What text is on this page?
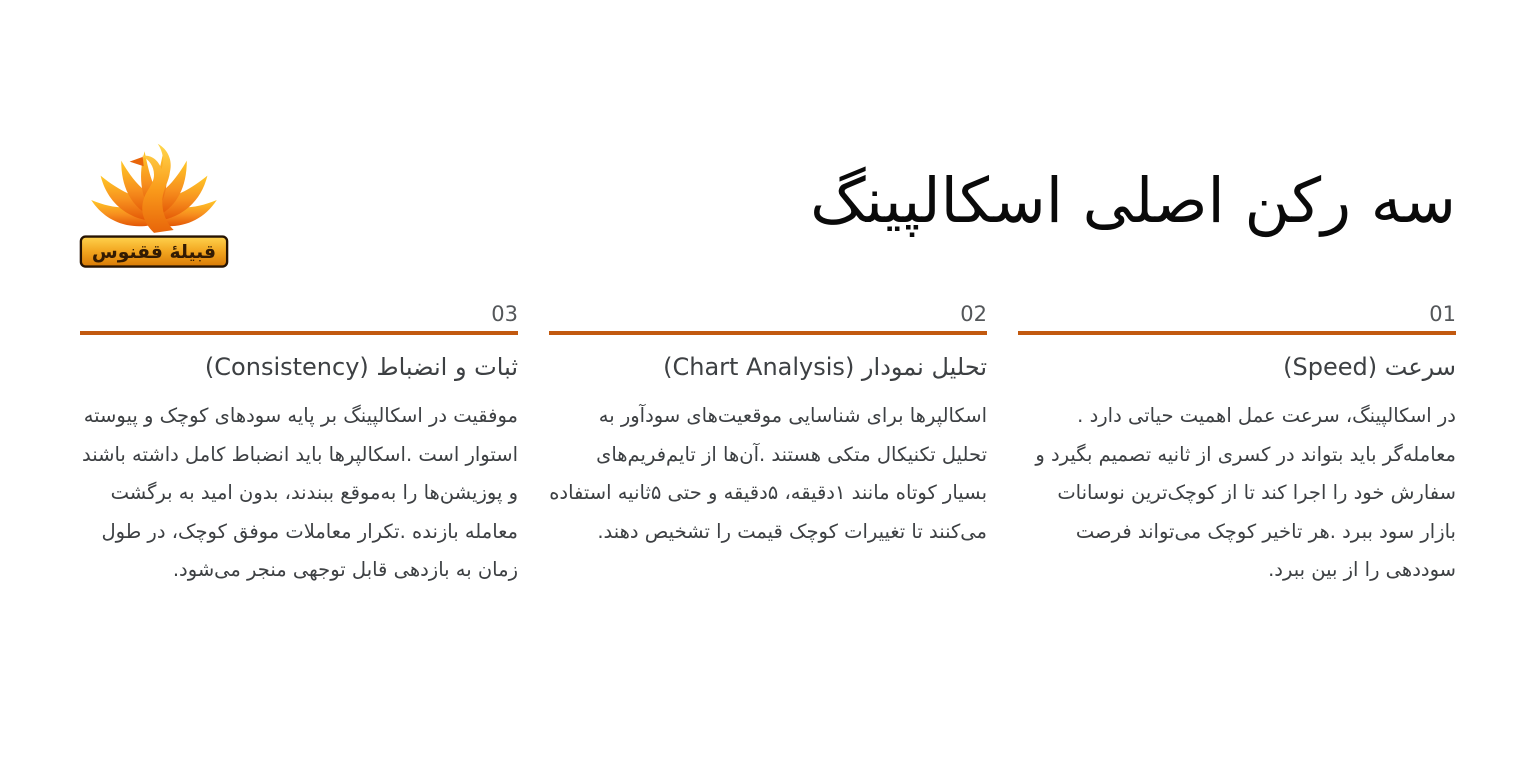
قبیلهٔ ققنوس
سه رکن اصلی اسکالپینگ
01
سرعت (Speed)

در اسکالپینگ، سرعت عمل اهمیت حیاتی دارد . معامله‌گر باید بتواند در کسری از ثانیه تصمیم بگیرد و سفارش خود را اجرا کند تا از کوچک‌ترین نوسانات بازار سود ببرد .هر تاخیر کوچک می‌تواند فرصت سوددهی را از بین ببرد.

02
تحلیل نمودار (Chart Analysis)

اسکالپرها برای شناسایی موقعیت‌های سودآور به تحلیل تکنیکال متکی هستند .آن‌ها از تایم‌فریم‌های بسیار کوتاه مانند ۱دقیقه، ۵دقیقه و حتی ۵ثانیه استفاده می‌کنند تا تغییرات کوچک قیمت را تشخیص دهند.

03
ثبات و انضباط (Consistency)

موفقیت در اسکالپینگ بر پایه سودهای کوچک و پیوسته استوار است .اسکالپرها باید انضباط کامل داشته باشند و پوزیشن‌ها را به‌موقع ببندند، بدون امید به برگشت معامله بازنده .تکرار معاملات موفق کوچک، در طول زمان به بازدهی قابل توجهی منجر می‌شود.
